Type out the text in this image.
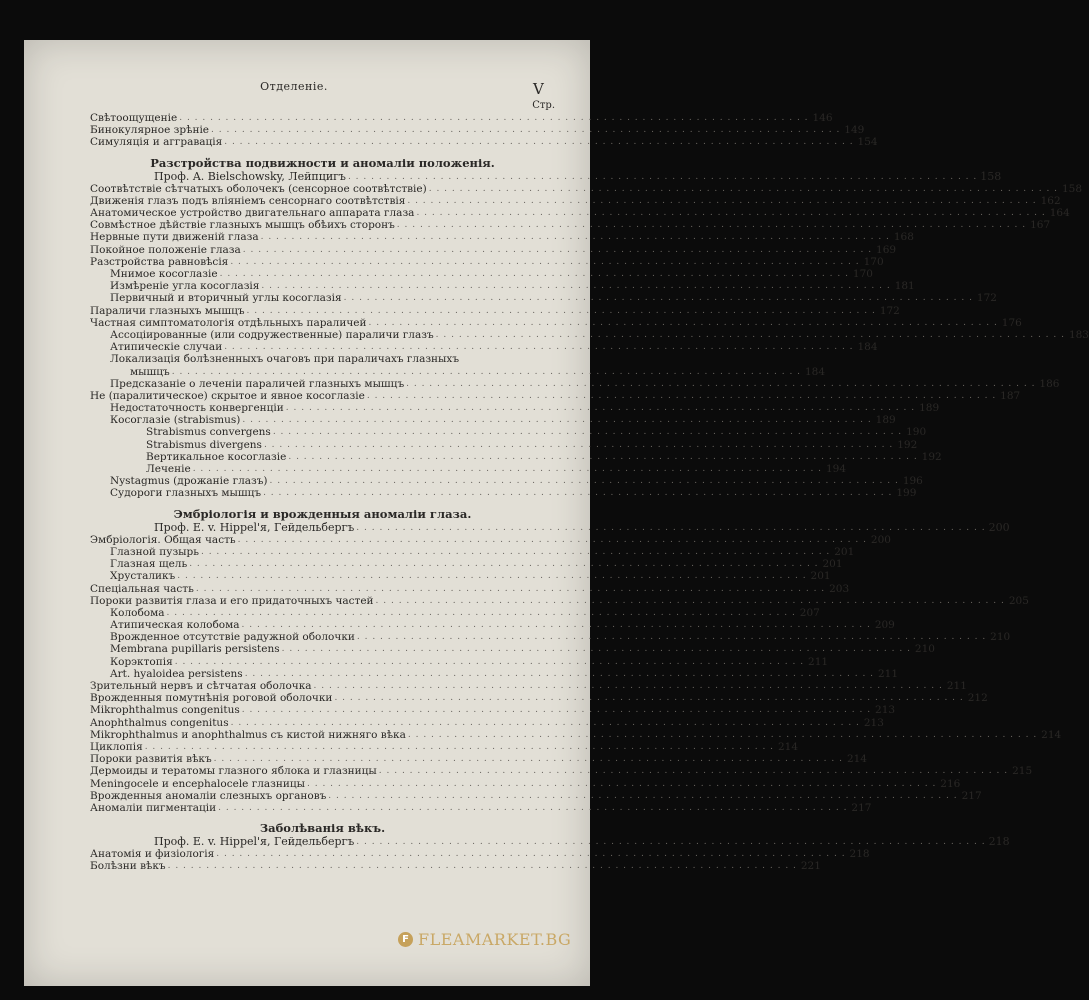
Отделеніе.	V
Стр.
Свѣтоощущеніе . . .	146
Бинокулярное зрѣніе . . .	149
Симуляція и аггравація . . .	154
Разстройства подвижности и аномаліи положенія.
Проф. A. Bielschowsky, Лейпцигъ . . .	158
Соотвѣтствіе сѣтчатыхъ оболочекъ (сенсорное соотвѣтствіе) . . .	158
Движенія глазъ подъ вліяніемъ сенсорнаго соотвѣтствія . . .	162
Анатомическое устройство двигательнаго аппарата глаза . . .	164
Совмѣстное дѣйствіе глазныхъ мышцъ обѣихъ сторонъ . . .	167
Нервные пути движеній глаза . . .	168
Покойное положеніе глаза . . .	169
Разстройства равновѣсія . . .	170
Мнимое косоглазіе . . .	170
Измѣреніе угла косоглазія . . .	181
Первичный и вторичный углы косоглазія . . .	172
Параличи глазныхъ мышцъ . . .	172
Частная симптоматологія отдѣльныхъ параличей . . .	176
Ассоціированные (или содружественные) параличи глазъ . . .	183
Атипическіе случаи . . .	184
Локализація болѣзненныхъ очаговъ при параличахъ глазныхъ
мышцъ . . .	184
Предсказаніе о леченіи параличей глазныхъ мышцъ . . .	186
Не (паралитическое) скрытое и явное косоглазіе . . .	187
Недостаточность конвергенціи . . .	189
Косоглазіе (strabismus) . . .	189
Strabismus convergens . . .	190
Strabismus divergens . . .	192
Вертикальное косоглазіе . . .	192
Леченіе . . .	194
Nystagmus (дрожаніе глазъ) . . .	196
Судороги глазныхъ мышцъ . . .	199
Эмбріологія и врожденныя аномаліи глаза.
Проф. E. v. Hippel'я, Гейдельбергъ . . .	200
Эмбріологія. Общая часть . . .	200
Глазной пузырь . . .	201
Глазная щель . . .	201
Хрусталикъ . . .	201
Спеціальная часть . . .	203
Пороки развитія глаза и его придаточныхъ частей . . .	205
Колобома . . .	207
Атипическая колобома . . .	209
Врожденное отсутствіе радужной оболочки . . .	210
Membrana pupillaris persistens . . .	210
Корэктопія . . .	211
Art. hyaloidea persistens . . .	211
Зрительный нервъ и сѣтчатая оболочка . . .	211
Врожденныя помутнѣнія роговой оболочки . . .	212
Mikrophthalmus congenitus . . .	213
Anophthalmus congenitus . . .	213
Mikrophthalmus и anophthalmus съ кистой нижняго вѣка . . .	214
Циклопія . . .	214
Пороки развитія вѣкъ . . .	214
Дермоиды и тератомы глазного яблока и глазницы . . .	215
Meningocele и encephalocele глазницы . . .	216
Врожденныя аномаліи слезныхъ органовъ . . .	217
Аномаліи пигментаціи . . .	217
Заболѣванія вѣкъ.
Проф. E. v. Hippel'я, Гейдельбергъ . . .	218
Анатомія и физіологія . . .	218
Болѣзни вѣкъ . . .	221
F FLEAMARKET.BG
